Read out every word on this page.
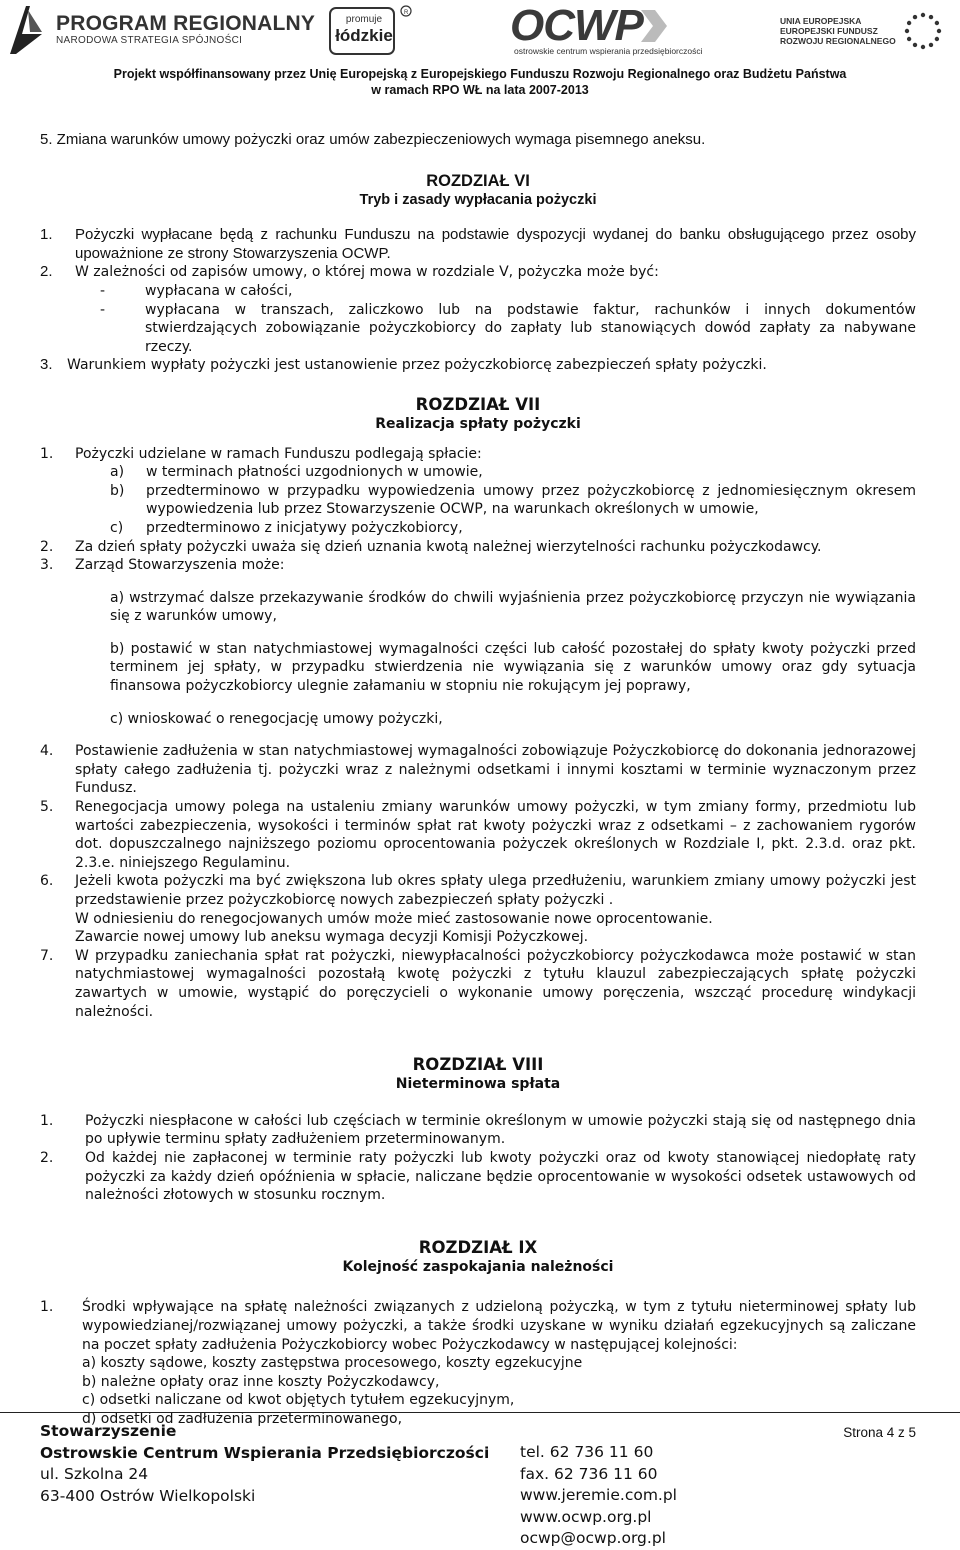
PROGRAM REGIONALNY
NARODOWA STRATEGIA SPÓJNOŚCI
R
promuje
łódzkie	OCWP
ostrowskie centrum wspierania przedsiębiorczości
UNIA EUROPEJSKA
EUROPEJSKI FUNDUSZ
ROZWOJU REGIONALNEGO
Projekt współfinansowany przez Unię Europejską z Europejskiego Funduszu Rozwoju Regionalnego oraz Budżetu Państwa
w ramach RPO WŁ na lata 2007-2013

5. Zmiana warunków umowy pożyczki oraz umów zabezpieczeniowych wymaga pisemnego aneksu.

ROZDZIAŁ VI

Tryb i zasady wypłacania pożyczki

1.	Pożyczki wypłacane będą z rachunku Funduszu na podstawie dyspozycji wydanej do banku obsługującego przez osoby upoważnione ze strony Stowarzyszenia OCWP.
2.	W zależności od zapisów umowy, o której mowa w rozdziale V, pożyczka może być:
-	wypłacana w całości,
-	wypłacana w transzach, zaliczkowo lub na podstawie faktur, rachunków i innych dokumentów stwierdzających zobowiązanie pożyczkobiorcy do zapłaty lub stanowiących dowód zapłaty za nabywane rzeczy.
3.	Warunkiem wypłaty pożyczki jest ustanowienie przez pożyczkobiorcę zabezpieczeń spłaty pożyczki.

ROZDZIAŁ VII

Realizacja spłaty pożyczki

1.	Pożyczki udzielane w ramach Funduszu podlegają spłacie:
a)	w terminach płatności uzgodnionych w umowie,
b)	przedterminowo w przypadku wypowiedzenia umowy przez pożyczkobiorcę z jednomiesięcznym okresem wypowiedzenia lub przez Stowarzyszenie OCWP, na warunkach określonych w umowie,
c)	przedterminowo z inicjatywy pożyczkobiorcy,
2.	Za dzień spłaty pożyczki uważa się dzień uznania kwotą należnej wierzytelności rachunku pożyczkodawcy.
3.	Zarząd Stowarzyszenia może:

a) wstrzymać dalsze przekazywanie środków do chwili wyjaśnienia przez pożyczkobiorcę przyczyn nie wywiązania się z warunków umowy,

b) postawić w stan natychmiastowej wymagalności części lub całość pozostałej do spłaty kwoty pożyczki przed terminem jej spłaty, w przypadku stwierdzenia nie wywiązania się z warunków umowy oraz gdy sytuacja finansowa pożyczkobiorcy ulegnie załamaniu w stopniu nie rokującym jej poprawy,

c) wnioskować o renegocjację umowy pożyczki,

4.	Postawienie zadłużenia w stan natychmiastowej wymagalności zobowiązuje Pożyczkobiorcę do dokonania jednorazowej spłaty całego zadłużenia tj. pożyczki wraz z należnymi odsetkami i innymi kosztami w terminie wyznaczonym przez Fundusz.
5.	Renegocjacja umowy polega na ustaleniu zmiany warunków umowy pożyczki, w tym zmiany formy, przedmiotu lub wartości zabezpieczenia, wysokości i terminów spłat rat kwoty pożyczki wraz z odsetkami – z zachowaniem rygorów dot. dopuszczalnego najniższego poziomu oprocentowania pożyczek określonych w Rozdziale I, pkt. 2.3.d. oraz pkt. 2.3.e. niniejszego Regulaminu.
6.	Jeżeli kwota pożyczki ma być zwiększona lub okres spłaty ulega przedłużeniu, warunkiem zmiany umowy pożyczki jest przedstawienie przez pożyczkobiorcę nowych zabezpieczeń spłaty pożyczki .

W odniesieniu do renegocjowanych umów może mieć zastosowanie nowe oprocentowanie.

Zawarcie nowej umowy lub aneksu wymaga decyzji Komisji Pożyczkowej.

7.	W przypadku zaniechania spłat rat pożyczki, niewypłacalności pożyczkobiorcy pożyczkodawca może postawić w stan natychmiastowej wymagalności pozostałą kwotę pożyczki z tytułu klauzul zabezpieczających spłatę pożyczki zawartych w umowie, wystąpić do poręczycieli o wykonanie umowy poręczenia, wszcząć procedurę windykacji należności.

ROZDZIAŁ VIII

Nieterminowa spłata

1.	Pożyczki niespłacone w całości lub częściach w terminie określonym w umowie pożyczki stają się od następnego dnia po upływie terminu spłaty zadłużeniem przeterminowanym.
2.	Od każdej nie zapłaconej w terminie raty pożyczki lub kwoty pożyczki oraz od kwoty stanowiącej niedopłatę raty pożyczki za każdy dzień opóźnienia w spłacie, naliczane będzie oprocentowanie w wysokości odsetek ustawowych od należności złotowych w stosunku rocznym.

ROZDZIAŁ IX

Kolejność zaspokajania należności

1.	Środki wpływające na spłatę należności związanych z udzieloną pożyczką, w tym z tytułu nieterminowej spłaty lub wypowiedzianej/rozwiązanej umowy pożyczki, a także środki uzyskane w wyniku działań egzekucyjnych są zaliczane na poczet spłaty zadłużenia Pożyczkobiorcy wobec Pożyczkodawcy w następującej kolejności:

a) koszty sądowe, koszty zastępstwa procesowego, koszty egzekucyjne

b) należne opłaty oraz inne koszty Pożyczkodawcy,

c) odsetki naliczane od kwot objętych tytułem egzekucyjnym,

d) odsetki od zadłużenia przeterminowanego,

Stowarzyszenie
Ostrowskie Centrum Wspierania Przedsiębiorczości
ul. Szkolna 24
63-400 Ostrów Wielkopolski
tel. 62 736 11 60
fax. 62 736 11 60
www.jeremie.com.pl
www.ocwp.org.pl
ocwp@ocwp.org.pl
Strona 4 z 5
